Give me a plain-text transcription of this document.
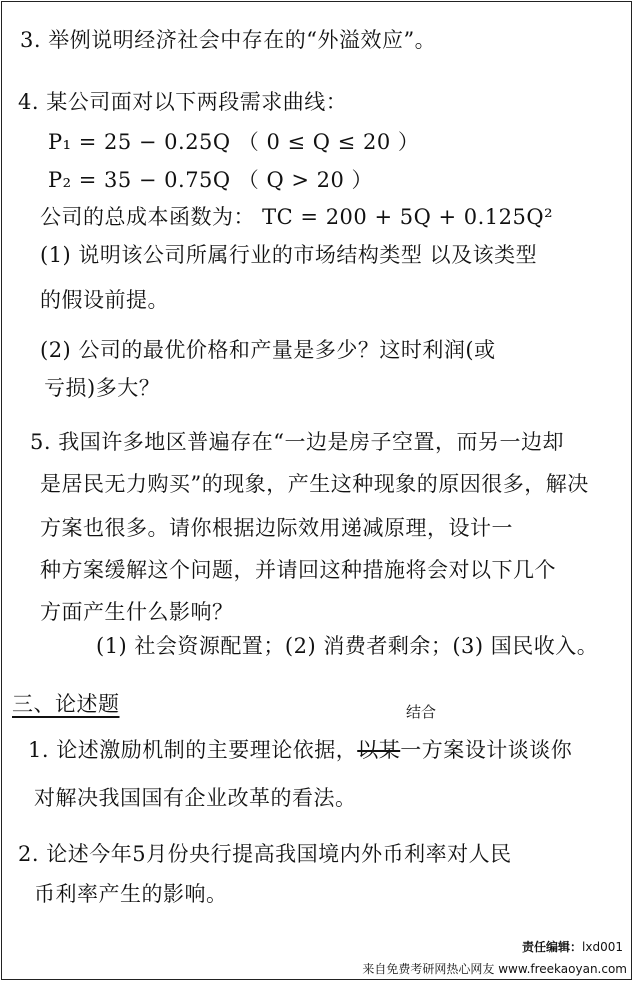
3. 举例说明经济社会中存在的“外溢效应”。
4. 某公司面对以下两段需求曲线：
P₁ = 25 − 0.25Q （ 0 ≤ Q ≤ 20 ）
P₂ = 35 − 0.75Q （ Q > 20 ）
公司的总成本函数为： TC = 200 + 5Q + 0.125Q²
(1) 说明该公司所属行业的市场结构类型 以及该类型
的假设前提。
(2) 公司的最优价格和产量是多少？这时利润(或
亏损)多大？
5. 我国许多地区普遍存在“一边是房子空置，而另一边却
是居民无力购买”的现象，产生这种现象的原因很多，解决
方案也很多。请你根据边际效用递减原理，设计一
种方案缓解这个问题，并请回这种措施将会对以下几个
方面产生什么影响？
(1) 社会资源配置；(2) 消费者剩余；(3) 国民收入。
三、论述题	结合
1. 论述激励机制的主要理论依据，以某一方案设计谈谈你
对解决我国国有企业改革的看法。
2. 论述今年5月份央行提高我国境内外币利率对人民
币利率产生的影响。
责任编辑：lxd001
来自免费考研网热心网友 www.freekaoyan.com
